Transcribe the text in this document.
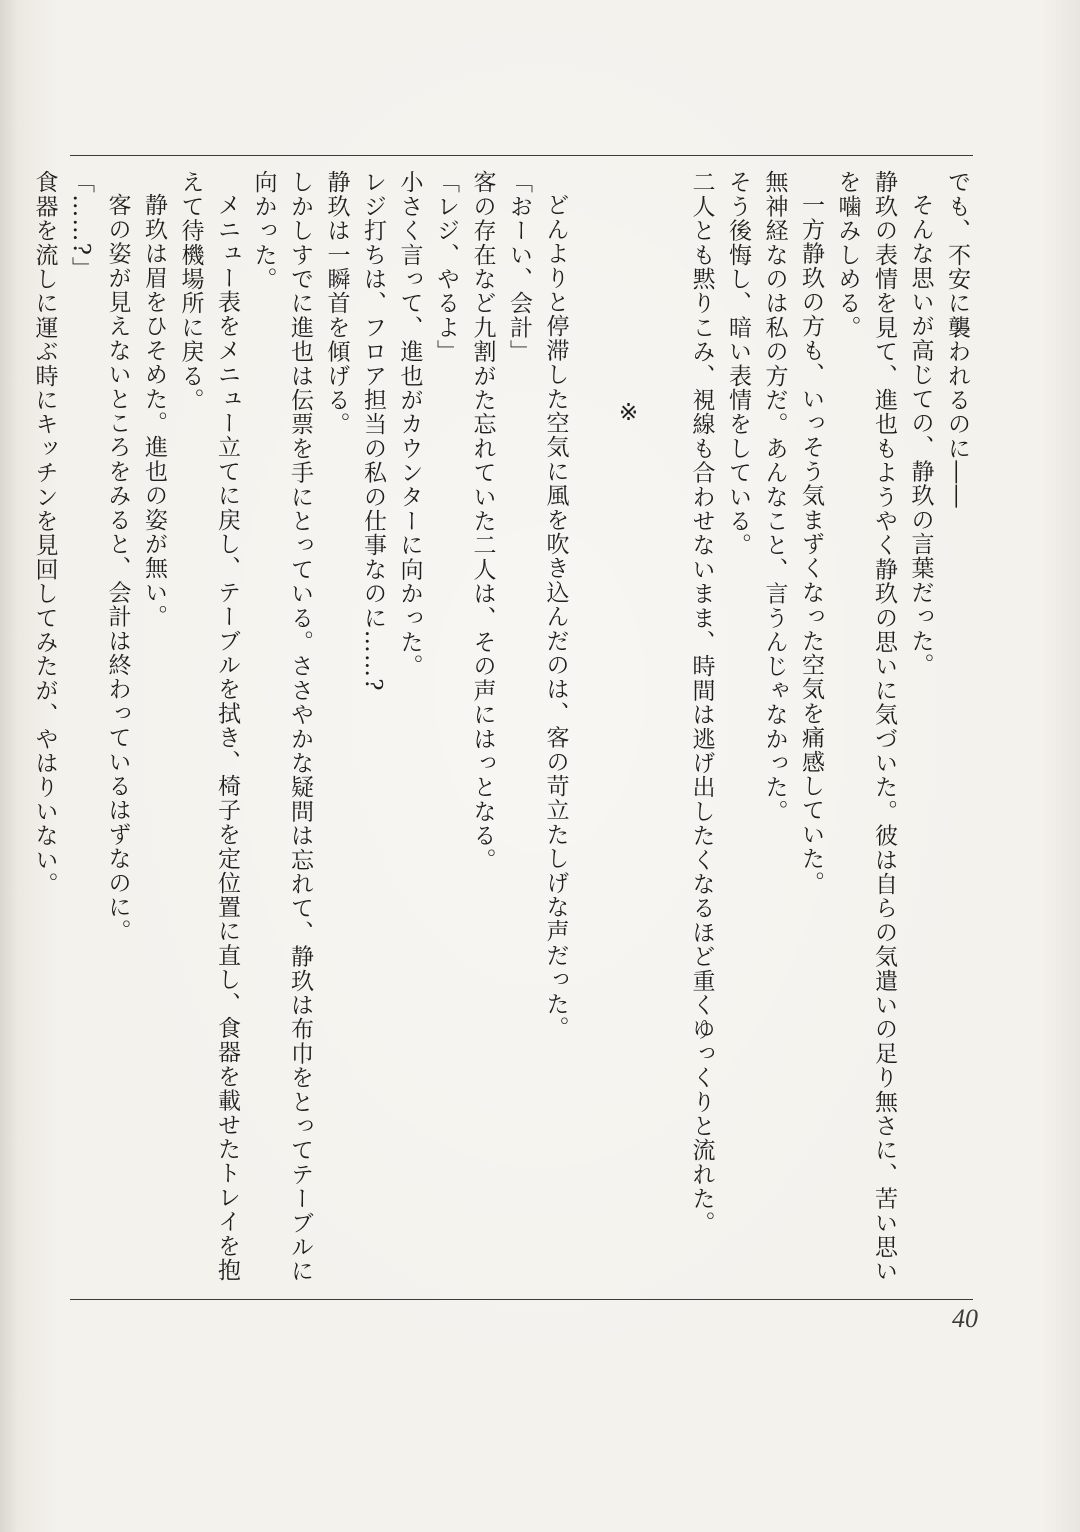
でも、不安に襲われるのに――

そんな思いが高じての、静玖の言葉だった。

静玖の表情を見て、進也もようやく静玖の思いに気づいた。彼は自らの気遣いの足り無さに、苦い思いを噛みしめる。

一方静玖の方も、いっそう気まずくなった空気を痛感していた。

無神経なのは私の方だ。あんなこと、言うんじゃなかった。

そう後悔し、暗い表情をしている。

二人とも黙りこみ、視線も合わせないまま、時間は逃げ出したくなるほど重くゆっくりと流れた。

※

どんよりと停滞した空気に風を吹き込んだのは、客の苛立たしげな声だった。

「おーい、会計」

客の存在など九割がた忘れていた二人は、その声にはっとなる。

「レジ、やるよ」

小さく言って、進也がカウンターに向かった。

レジ打ちは、フロア担当の私の仕事なのに……?

静玖は一瞬首を傾げる。

しかしすでに進也は伝票を手にとっている。ささやかな疑問は忘れて、静玖は布巾をとってテーブルに向かった。

メニュー表をメニュー立てに戻し、テーブルを拭き、椅子を定位置に直し、食器を載せたトレイを抱えて待機場所に戻る。

静玖は眉をひそめた。進也の姿が無い。

客の姿が見えないところをみると、会計は終わっているはずなのに。

「……?」

食器を流しに運ぶ時にキッチンを見回してみたが、やはりいない。

40
